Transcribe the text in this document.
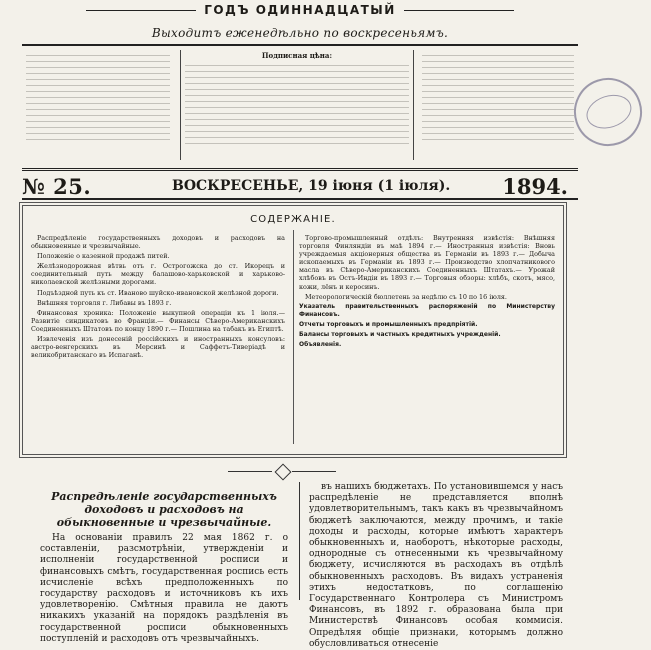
ГОДЪ ОДИННАДЦАТЫЙ
Выходитъ еженедѣльно по воскресеньямъ.
Подписная цѣна:
№ 25.	ВОСКРЕСЕНЬЕ, 19 іюня (1 іюля). 1894.
СОДЕРЖАНІЕ.

Распредѣленіе государственныхъ доходовъ и расходовъ на обыкновенные и чрезвычайные.

Положеніе о казенной продажѣ питей.

Желѣзнодорожная вѣтвь отъ г. Острогожска до ст. Икорецъ и соединительный путь между балашово-харьковской и харьково-николаевской желѣзными дорогами.

Подъѣздной путь къ ст. Иваново шуйско-ивановской желѣзной дороги.

Внѣшняя торговля г. Либавы въ 1893 г.

Финансовая хроника: Положеніе выкупной операціи къ 1 іюля.— Развитіе синдикатовъ во Франціи.— Финансы Сѣверо-Американскихъ Соединенныхъ Штатовъ по концу 1890 г.— Пошлина на табакъ въ Египтѣ.

Извлеченія изъ донесеній россійскихъ и иностранныхъ консуловъ: австро-венгерскихъ въ Мерсинѣ и Саффетъ-Тиверіадѣ и великобританскаго въ Испаганѣ.

Торгово-промышленный отдѣлъ: Внутренняя извѣстія: Внѣшняя торговля Финляндіи въ маѣ 1894 г.— Иностранныя извѣстія: Вновь учреждаемыя акціонерныя общества въ Германіи въ 1893 г.— Добыча ископаемыхъ въ Германіи въ 1893 г.— Производство хлопчатникового масла въ Сѣверо-Американскихъ Соединенныхъ Штатахъ.— Урожай хлѣбовъ въ Остъ-Индіи въ 1893 г.— Торговыя обзоры: хлѣбъ, скотъ, мясо, кожи, лёнъ и керосинъ.

Метеорологическій бюллетень за недѣлю съ 10 по 16 іюля.

Указатель правительственныхъ распоряженій по Министерству Финансовъ.

Отчеты торговыхъ и промышленныхъ предпріятій.

Балансы торговыхъ и частныхъ кредитныхъ учрежденій.

Объявленія.

Распредѣленіе государственныхъ доходовъ и расходовъ на обыкновенные и чрезвычайные.

На основаніи правилъ 22 мая 1862 г. о составленіи, разсмотрѣніи, утвержденіи и исполненіи государственной росписи и финансовыхъ смѣтъ, государственная роспись есть исчисленіе всѣхъ предположенныхъ по государству расходовъ и источниковъ къ ихъ удовлетворенію. Смѣтныя правила не даютъ никакихъ указаній на порядокъ раздѣленія въ государственной росписи обыкновенныхъ поступленій и расходовъ отъ чрезвычайныхъ.

въ нашихъ бюджетахъ. По установившемся у насъ распредѣленіе не представляется вполнѣ удовлетворительнымъ, такъ какъ въ чрезвычайномъ бюджетѣ заключаются, между прочимъ, и такіе доходы и расходы, которые имѣютъ характеръ обыкновенныхъ и, наоборотъ, нѣкоторые расходы, однородные съ отнесенными къ чрезвычайному бюджету, исчисляются въ расходахъ въ отдѣлѣ обыкновенныхъ расходовъ. Въ видахъ устраненія этихъ недостатковъ, по соглашенію Государственнаго Контролера съ Министромъ Финансовъ, въ 1892 г. образована была при Министерствѣ Финансовъ особая коммисія. Опредѣляя общіе признаки, которымъ должно обусловливаться отнесеніе
